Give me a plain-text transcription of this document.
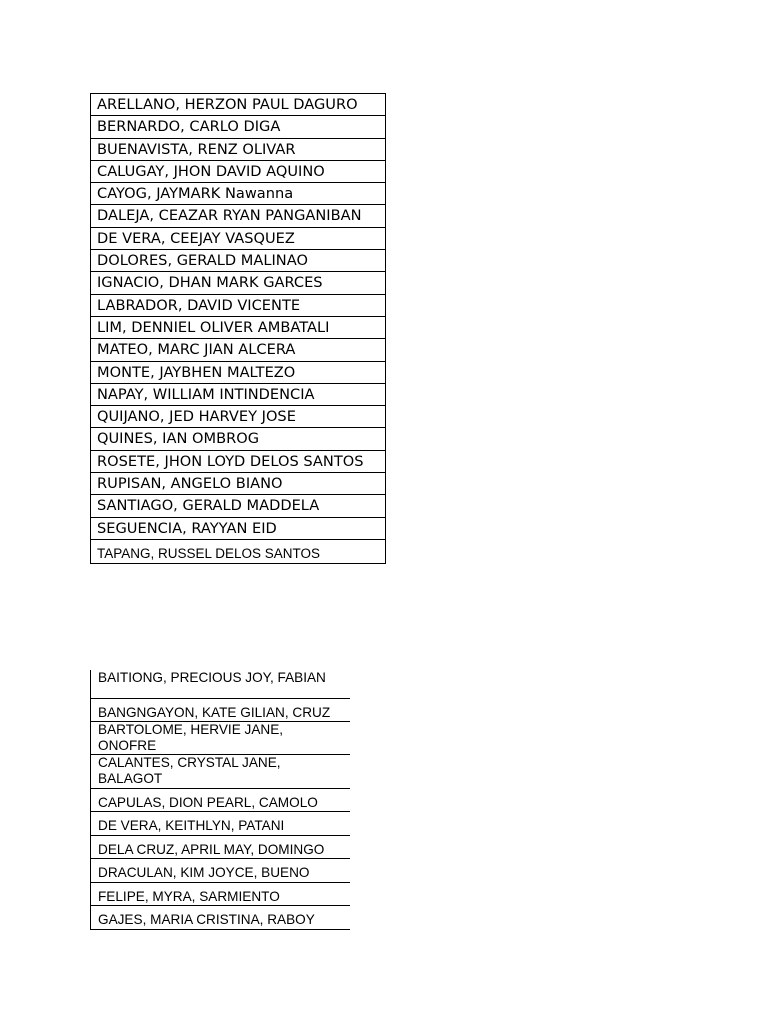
ARELLANO, HERZON PAUL DAGURO
BERNARDO, CARLO DIGA
BUENAVISTA, RENZ OLIVAR
CALUGAY, JHON DAVID AQUINO
CAYOG, JAYMARK Nawanna
DALEJA, CEAZAR RYAN PANGANIBAN
DE VERA, CEEJAY VASQUEZ
DOLORES, GERALD MALINAO
IGNACIO, DHAN MARK GARCES
LABRADOR, DAVID VICENTE
LIM, DENNIEL OLIVER AMBATALI
MATEO, MARC JIAN ALCERA
MONTE, JAYBHEN MALTEZO
NAPAY, WILLIAM INTINDENCIA
QUIJANO, JED HARVEY JOSE
QUINES, IAN OMBROG
ROSETE, JHON LOYD DELOS SANTOS
RUPISAN, ANGELO BIANO
SANTIAGO, GERALD MADDELA
SEGUENCIA, RAYYAN EID
TAPANG, RUSSEL DELOS SANTOS
BAITIONG, PRECIOUS JOY, FABIAN
BANGNGAYON, KATE GILIAN, CRUZ
BARTOLOME, HERVIE JANE, ONOFRE
CALANTES, CRYSTAL JANE, BALAGOT
CAPULAS, DION PEARL, CAMOLO
DE VERA, KEITHLYN, PATANI
DELA CRUZ, APRIL MAY, DOMINGO
DRACULAN, KIM JOYCE, BUENO
FELIPE, MYRA, SARMIENTO
GAJES, MARIA CRISTINA, RABOY
